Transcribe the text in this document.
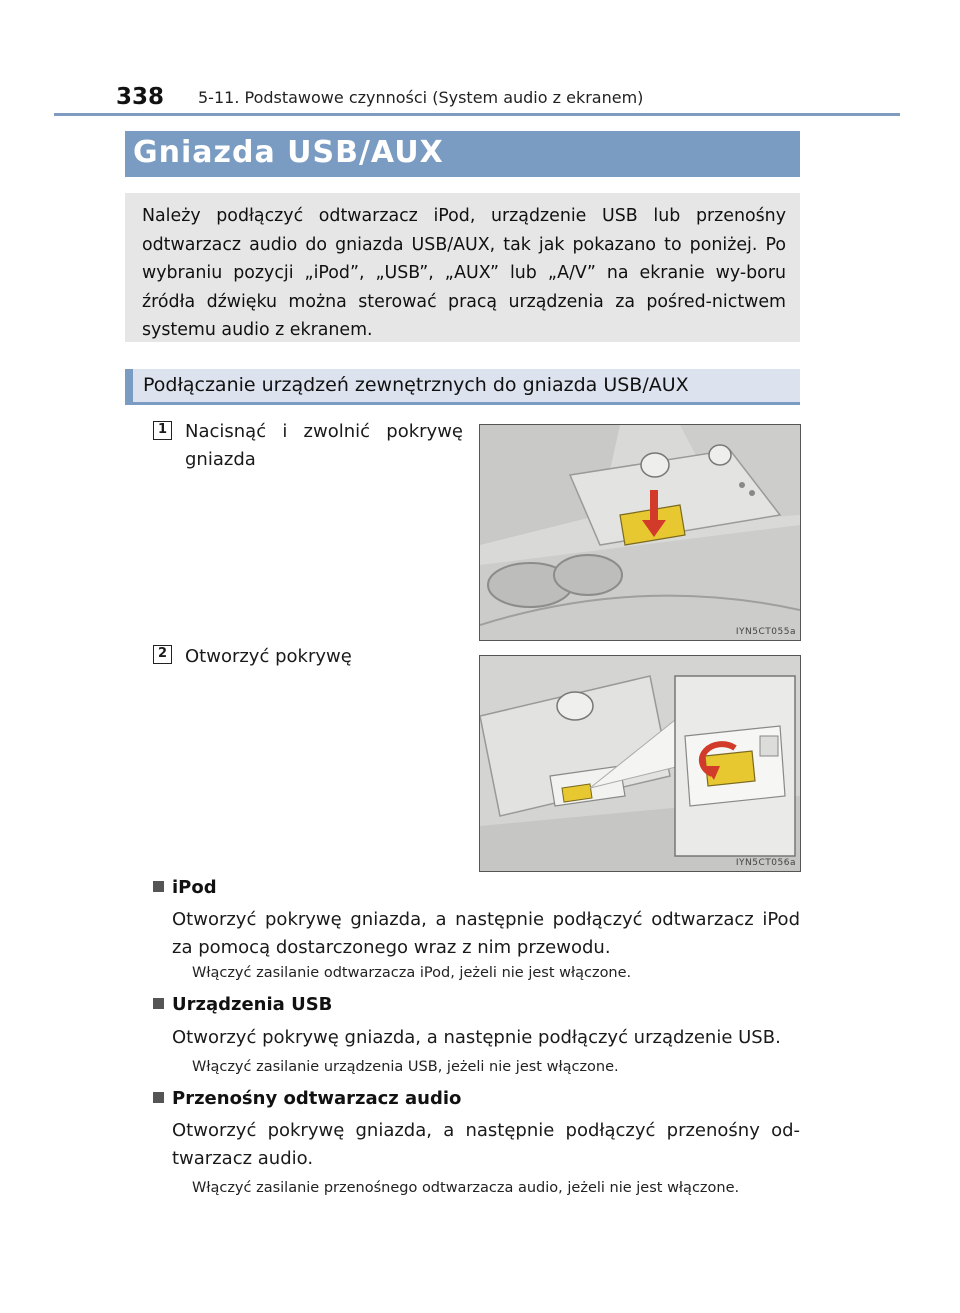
338 5-11. Podstawowe czynności (System audio z ekranem)
Gniazda USB/AUX

Należy podłączyć odtwarzacz iPod, urządzenie USB lub przenośny odtwarzacz audio do gniazda USB/AUX, tak jak pokazano to poniżej. Po wybraniu pozycji „iPod”, „USB”, „AUX” lub „A/V” na ekranie wy-boru źródła dźwięku można sterować pracą urządzenia za pośred-nictwem systemu audio z ekranem.

Podłączanie urządzeń zewnętrznych do gniazda USB/AUX
1 Nacisnąć i zwolnić pokrywę gniazda
IYN5CT055a
2 Otworzyć pokrywę
IYN5CT056a
iPod
Otworzyć pokrywę gniazda, a następnie podłączyć odtwarzacz iPod za pomocą dostarczonego wraz z nim przewodu.
Włączyć zasilanie odtwarzacza iPod, jeżeli nie jest włączone.
Urządzenia USB
Otworzyć pokrywę gniazda, a następnie podłączyć urządzenie USB.
Włączyć zasilanie urządzenia USB, jeżeli nie jest włączone.
Przenośny odtwarzacz audio
Otworzyć pokrywę gniazda, a następnie podłączyć przenośny od-twarzacz audio.
Włączyć zasilanie przenośnego odtwarzacza audio, jeżeli nie jest włączone.
